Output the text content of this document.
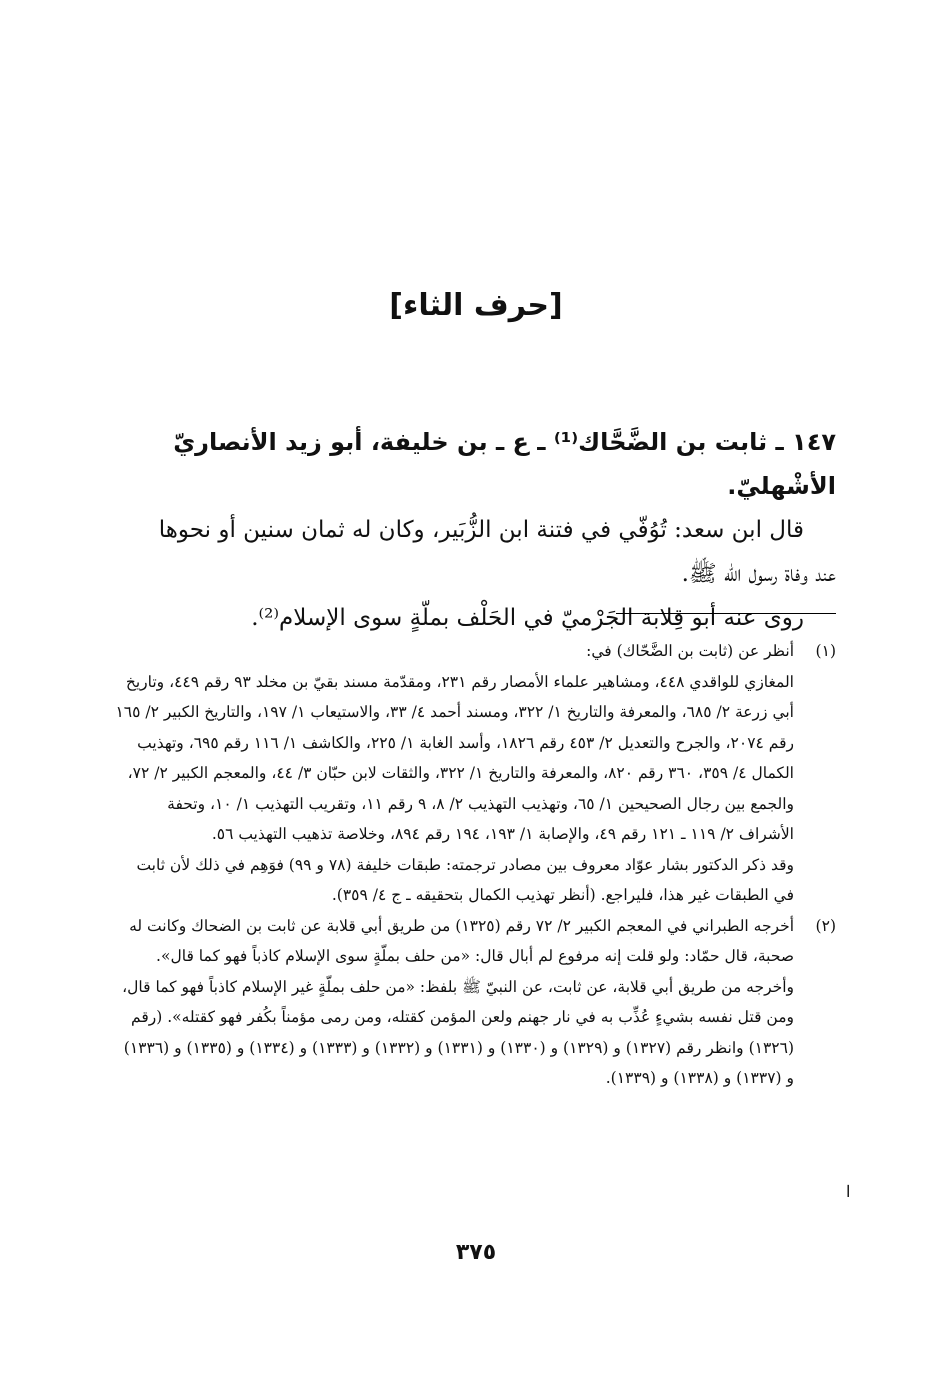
[حرف الثاء]

١٤٧ ـ ثابت بن الضَّحَّاك⁽¹⁾ ـ ع ـ بن خليفة، أبو زيد الأنصاريّ الأشْهليّ.

قال ابن سعد: تُوُفّي في فتنة ابن الزُّبَير، وكان له ثمان سنين أو نحوها

عند وفاة رسول الله ﷺ.

روى عنه أبو قِلابة الجَرْميّ في الحَلْف بملّةٍ سوى الإسلام⁽²⁾.

(١)

أنظر عن (ثابت بن الضَّحّاك) في:

المغازي للواقدي ٤٤٨، ومشاهير علماء الأمصار رقم ٢٣١، ومقدّمة مسند بقيّ بن مخلد ٩٣ رقم ٤٤٩، وتاريخ أبي زرعة ٢/ ٦٨٥، والمعرفة والتاريخ ١/ ٣٢٢، ومسند أحمد ٤/ ٣٣، والاستيعاب ١/ ١٩٧، والتاريخ الكبير ٢/ ١٦٥ رقم ٢٠٧٤، والجرح والتعديل ٢/ ٤٥٣ رقم ١٨٢٦، وأسد الغابة ١/ ٢٢٥، والكاشف ١/ ١١٦ رقم ٦٩٥، وتهذيب الكمال ٤/ ٣٥٩، ٣٦٠ رقم ٨٢٠، والمعرفة والتاريخ ١/ ٣٢٢، والثقات لابن حبّان ٣/ ٤٤، والمعجم الكبير ٢/ ٧٢، والجمع بين رجال الصحيحين ١/ ٦٥، وتهذيب التهذيب ٢/ ٨، ٩ رقم ١١، وتقريب التهذيب ١/ ١٠، وتحفة الأشراف ٢/ ١١٩ ـ ١٢١ رقم ٤٩، والإصابة ١/ ١٩٣، ١٩٤ رقم ٨٩٤، وخلاصة تذهيب التهذيب ٥٦.

وقد ذكر الدكتور بشار عوّاد معروف بين مصادر ترجمته: طبقات خليفة (٧٨ و ٩٩) فوَهِم في ذلك لأن ثابت في الطبقات غير هذا، فليراجع. (أنظر تهذيب الكمال بتحقيقه ـ ج ٤/ ٣٥٩).

(٢)

أخرجه الطبراني في المعجم الكبير ٢/ ٧٢ رقم (١٣٢٥) من طريق أبي قلابة عن ثابت بن الضحاك وكانت له صحبة، قال حمّاد: ولو قلت إنه مرفوع لم أبال قال: «من حلف بملّةٍ سوى الإسلام كاذباً فهو كما قال».

وأخرجه من طريق أبي قلابة، عن ثابت، عن النبيّ ﷺ بلفظ: «من حلف بملّةٍ غير الإسلام كاذباً فهو كما قال، ومن قتل نفسه بشيءٍ عُذِّب به في نار جهنم ولعن المؤمن كقتله، ومن رمى مؤمناً بكُفر فهو كقتله». (رقم (١٣٢٦) وانظر رقم (١٣٢٧) و (١٣٢٩) و (١٣٣٠) و (١٣٣١) و (١٣٣٢) و (١٣٣٣) و (١٣٣٤) و (١٣٣٥) و (١٣٣٦) و (١٣٣٧) و (١٣٣٨) و (١٣٣٩).

ا
٣٧٥
